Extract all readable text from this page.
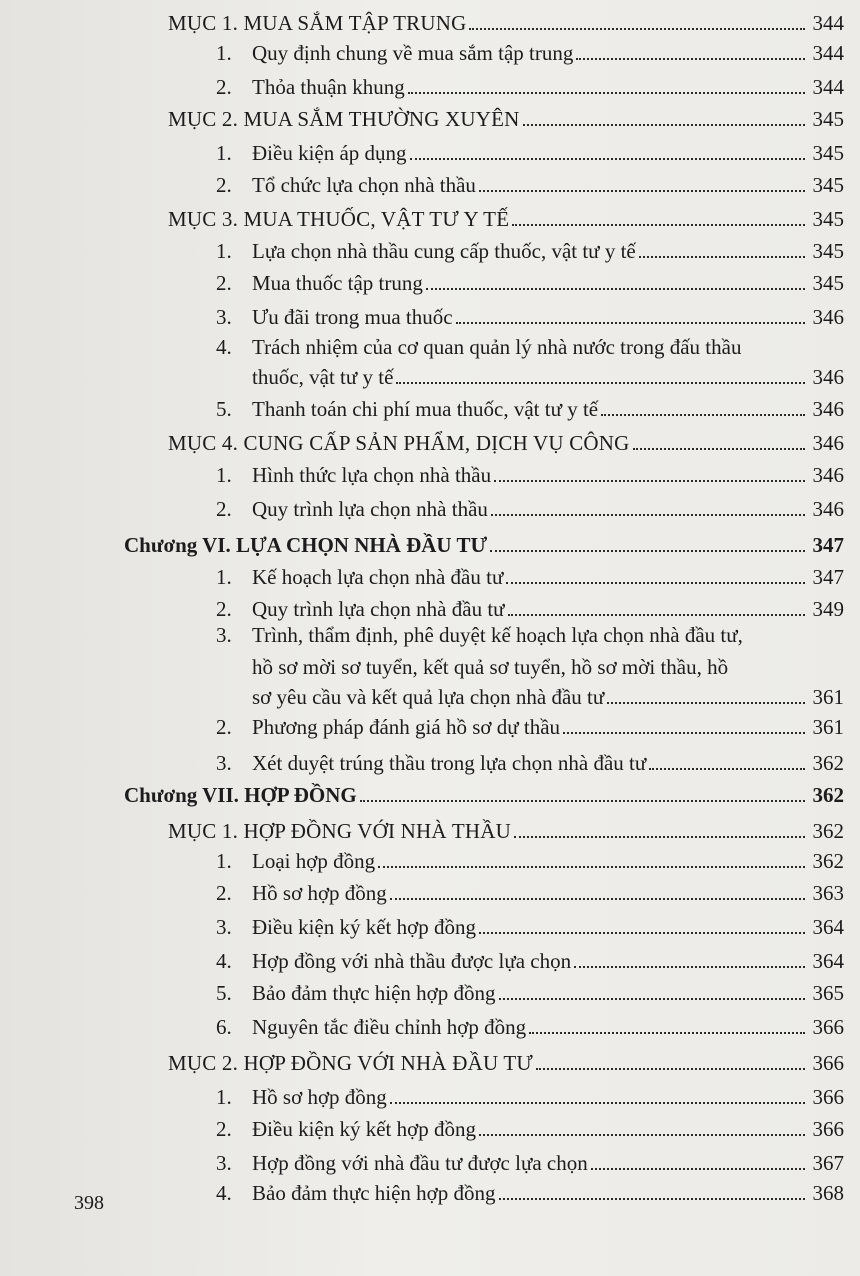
MỤC 1. MUA SẮM TẬP TRUNG	344
1. Quy định chung về mua sắm tập trung	344
2. Thỏa thuận khung	344
MỤC 2. MUA SẮM THƯỜNG XUYÊN	345
1. Điều kiện áp dụng	345
2. Tổ chức lựa chọn nhà thầu	345
MỤC 3. MUA THUỐC, VẬT TƯ Y TẾ	345
1. Lựa chọn nhà thầu cung cấp thuốc, vật tư y tế	345
2. Mua thuốc tập trung	345
3. Ưu đãi trong mua thuốc	346
4. Trách nhiệm của cơ quan quản lý nhà nước trong đấu thầu
thuốc, vật tư y tế	346
5. Thanh toán chi phí mua thuốc, vật tư y tế	346
MỤC 4. CUNG CẤP SẢN PHẨM, DỊCH VỤ CÔNG	346
1. Hình thức lựa chọn nhà thầu	346
2. Quy trình lựa chọn nhà thầu	346
Chương VI. LỰA CHỌN NHÀ ĐẦU TƯ	347
1. Kế hoạch lựa chọn nhà đầu tư	347
2. Quy trình lựa chọn nhà đầu tư	349
3. Trình, thẩm định, phê duyệt kế hoạch lựa chọn nhà đầu tư,
hồ sơ mời sơ tuyển, kết quả sơ tuyển, hồ sơ mời thầu, hồ
sơ yêu cầu và kết quả lựa chọn nhà đầu tư	361
2. Phương pháp đánh giá hồ sơ dự thầu	361
3. Xét duyệt trúng thầu trong lựa chọn nhà đầu tư	362
Chương VII. HỢP ĐỒNG	362
MỤC 1. HỢP ĐỒNG VỚI NHÀ THẦU	362
1. Loại hợp đồng	362
2. Hồ sơ hợp đồng	363
3. Điều kiện ký kết hợp đồng	364
4. Hợp đồng với nhà thầu được lựa chọn	364
5. Bảo đảm thực hiện hợp đồng	365
6. Nguyên tắc điều chỉnh hợp đồng	366
MỤC 2. HỢP ĐỒNG VỚI NHÀ ĐẦU TƯ	366
1. Hồ sơ hợp đồng	366
2. Điều kiện ký kết hợp đồng	366
3. Hợp đồng với nhà đầu tư được lựa chọn	367
4. Bảo đảm thực hiện hợp đồng	368
398
